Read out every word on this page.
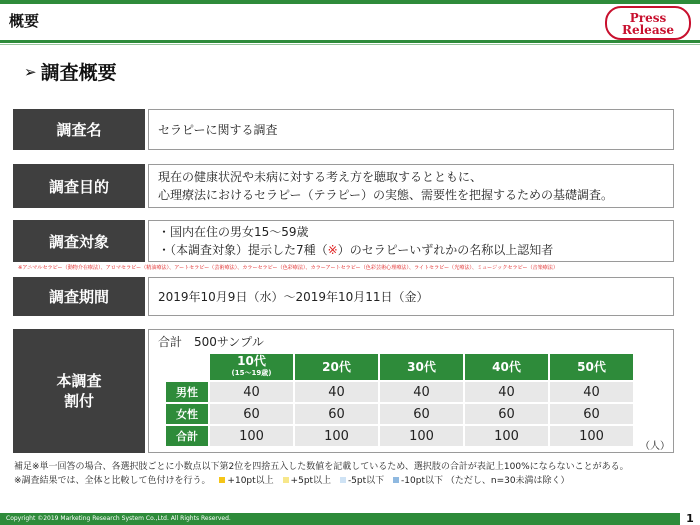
概要	Press
Release
➢ 調査概要
調査名	セラピーに関する調査
調査目的
現在の健康状況や未病に対する考え方を聴取するとともに、
心理療法におけるセラピー（テラピー）の実態、需要性を把握するための基礎調査。
調査対象
・国内在住の男女15～59歳
・（本調査対象）提示した7種（※）のセラピーいずれかの名称以上認知者
※アニマルセラピー（動物介在療法）、アロマセラピー（精油療法）、アートセラピー（芸術療法）、カラーセラピー（色彩療法）、カラーアートセラピー（色彩芸術心理療法）、ライトセラピー（光療法）、ミュージックセラピー（音楽療法）
調査期間	2019年10月9日（水）～2019年10月11日（金）
本調査
割付
合計　500サンプル
	10代
(15～19歳)	20代	30代	40代	50代
男性	40	40	40	40	40
女性	60	60	60	60	60
合計	100	100	100	100	100
（人）
補足※単一回答の場合、各選択肢ごとに小数点以下第2位を四捨五入した数値を記載しているため、選択肢の合計が表記上100%にならないことがある。
※調査結果では、全体と比較して色付けを行う。 +10pt以上 +5pt以上 -5pt以下 -10pt以下 （ただし、n=30未満は除く）
Copyright ©2019 Marketing Research System Co.,Ltd. All Rights Reserved.	1
